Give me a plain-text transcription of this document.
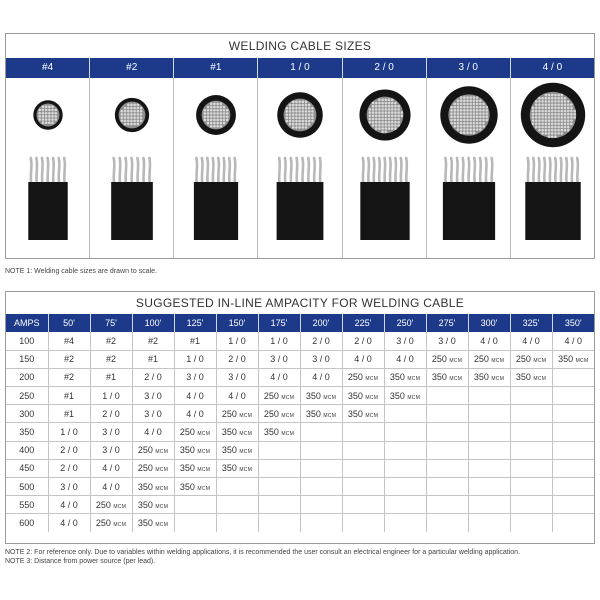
WELDING CABLE SIZES
#4	#2	#1	1 / 0	2 / 0	3 / 0	4 / 0
NOTE 1: Welding cable sizes are drawn to scale.
SUGGESTED IN-LINE AMPACITY FOR WELDING CABLE
AMPS	50'	75'	100'	125'	150'	175'	200'	225'	250'	275'	300'	325'	350'
100	#4	#2	#2	#1	1 / 0	1 / 0	2 / 0	2 / 0	3 / 0	3 / 0	4 / 0	4 / 0	4 / 0
150	#2	#2	#1	1 / 0	2 / 0	3 / 0	3 / 0	4 / 0	4 / 0	250 MCM	250 MCM	250 MCM	350 MCM
200	#2	#1	2 / 0	3 / 0	3 / 0	4 / 0	4 / 0	250 MCM	350 MCM	350 MCM	350 MCM	350 MCM	
250	#1	1 / 0	3 / 0	4 / 0	4 / 0	250 MCM	350 MCM	350 MCM	350 MCM				
300	#1	2 / 0	3 / 0	4 / 0	250 MCM	250 MCM	350 MCM	350 MCM					
350	1 / 0	3 / 0	4 / 0	250 MCM	350 MCM	350 MCM							
400	2 / 0	3 / 0	250 MCM	350 MCM	350 MCM								
450	2 / 0	4 / 0	250 MCM	350 MCM	350 MCM								
500	3 / 0	4 / 0	350 MCM	350 MCM									
550	4 / 0	250 MCM	350 MCM										
600	4 / 0	250 MCM	350 MCM										
NOTE 2: For reference only. Due to variables within welding applications, it is recommended the user consult an electrical engineer for a particular welding application.
NOTE 3: Distance from power source (per lead).
